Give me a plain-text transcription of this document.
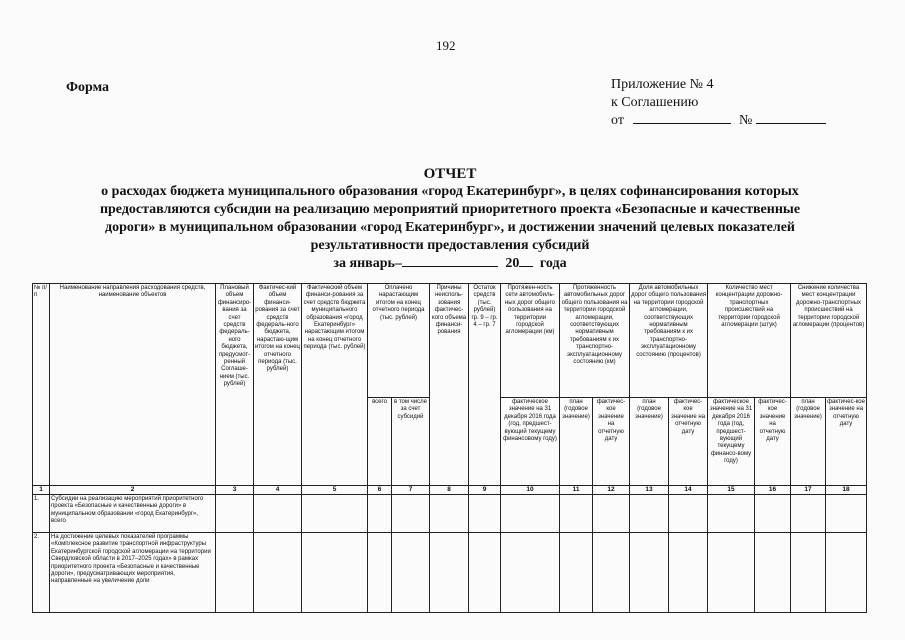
192
Форма	Приложение № 4
к Соглашению
от	№
ОТЧЕТ
о расходах бюджета муниципального образования «город Екатеринбург», в целях софинансирования которых
предоставляются субсидии на реализацию мероприятий приоритетного проекта «Безопасные и качественные
дороги» в муниципальном образовании «город Екатеринбург», и достижении значений целевых показателей
результативности предоставления субсидий
за январь–	20 года
№ п/п	Наименование направления расходования средств, наименование объектов	Плановый объем финансиро-вания за счет средств федераль-ного бюджета, предусмот-ренный Соглаше-нием (тыс. рублей)	Фактичес-кий объем финанси-рования за счет средств федераль-ного бюджета, нарастаю-щим итогом на конец отчетного периода (тыс. рублей)	Фактический объем финанси-рования за счет средств бюджета муниципального образования «город Екатеринбург» нарастающим итогом на конец отчетного периода (тыс. рублей)	Оплачено нарастающим итогом на конец отчетного периода (тыс. рублей)		Причины неисполь-зования фактичес-кого объема финанси-рования	Остаток средств (тыс. рублей) гр. 9 – гр. 4 – гр. 7	Протяжен-ность сети автомобиль-ных дорог общего пользования на территории городской агломерации (км)	Протяженность автомобильных дорог общего пользования на территории городской агломерации, соответствующих нормативным требованиям к их транспортно-эксплуатационному состоянию (км)		Доля автомобильных дорог общего пользования на территории городской агломерации, соответствующих нормативным требованиям к их транспортно-эксплуатационному состоянию (процентов)		Количество мест концентрации дорожно-транспортных происшествий на территории городской агломерации (штук)		Снижение количества мест концентрации дорожно-транспортных происшествий на территории городской агломерации (процентов)	
					всего	в том числе за счет субсидий			фактическое значение на 31 декабря 2016 года (год, предшест-вующий текущему финансовому году)	план (годовое значение)	фактичес-кое значение на отчетную дату	план (годовое значение)	фактичес-кое значение на отчетную дату	фактическое значение на 31 декабря 2016 года (год, предшест-вующий текущему финансо-вому году)	фактичес-кое значение на отчетную дату	план (годовое значение)	фактичес-кое значение на отчетную дату
1	2	3	4	5	6	7	8	9	10	11	12	13	14	15	16	17	18
1.	Субсидии на реализацию мероприятий приоритетного проекта «Безопасные и качественные дороги» в муниципальном образовании «город Екатеринбург», всего																
2.	На достижение целевых показателей программы «Комплексное развитие транспортной инфраструктуры Екатеринбургской городской агломерации на территории Свердловской области в 2017–2025 годах» в рамках приоритетного проекта «Безопасные и качественные дороги», предусматривающих мероприятия, направленные на увеличение доли																
